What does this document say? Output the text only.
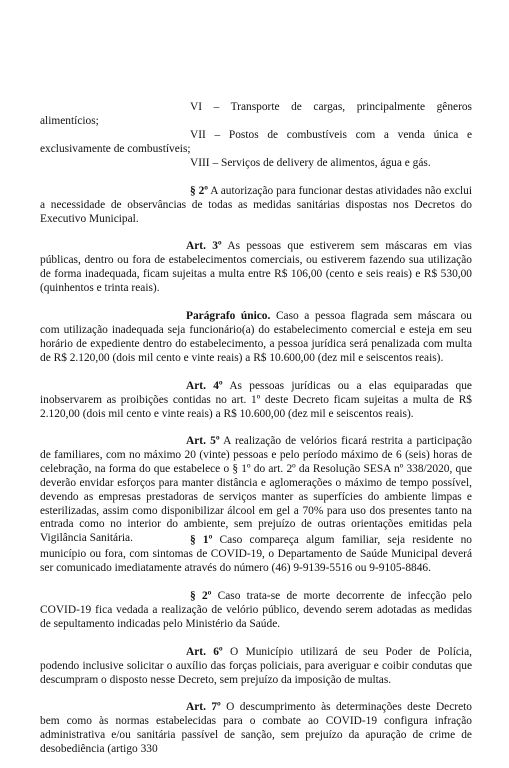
VI – Transporte de cargas, principalmente gêneros

alimentícios;

VII – Postos de combustíveis com a venda única e

exclusivamente de combustíveis;

VIII – Serviços de delivery de alimentos, água e gás.

§ 2º A autorização para funcionar destas atividades não exclui a necessidade de observâncias de todas as medidas sanitárias dispostas nos Decretos do Executivo Municipal.

Art. 3º As pessoas que estiverem sem máscaras em vias públicas, dentro ou fora de estabelecimentos comerciais, ou estiverem fazendo sua utilização de forma inadequada, ficam sujeitas a multa entre R$ 106,00 (cento e seis reais) e R$ 530,00 (quinhentos e trinta reais).

Parágrafo único. Caso a pessoa flagrada sem máscara ou com utilização inadequada seja funcionário(a) do estabelecimento comercial e esteja em seu horário de expediente dentro do estabelecimento, a pessoa jurídica será penalizada com multa de R$ 2.120,00 (dois mil cento e vinte reais) a R$ 10.600,00 (dez mil e seiscentos reais).

Art. 4º As pessoas jurídicas ou a elas equiparadas que inobservarem as proibições contidas no art. 1º deste Decreto ficam sujeitas a multa de R$ 2.120,00 (dois mil cento e vinte reais) a R$ 10.600,00 (dez mil e seiscentos reais).

Art. 5º A realização de velórios ficará restrita a participação de familiares, com no máximo 20 (vinte) pessoas e pelo período máximo de 6 (seis) horas de celebração, na forma do que estabelece o § 1º do art. 2º da Resolução SESA nº 338/2020, que deverão envidar esforços para manter distância e aglomerações o máximo de tempo possível, devendo as empresas prestadoras de serviços manter as superfícies do ambiente limpas e esterilizadas, assim como disponibilizar álcool em gel a 70% para uso dos presentes tanto na entrada como no interior do ambiente, sem prejuízo de outras orientações emitidas pela Vigilância Sanitária.	§ 1º Caso compareça algum familiar, seja residente no município ou fora, com sintomas de COVID-19, o Departamento de Saúde Municipal deverá ser comunicado imediatamente através do número (46) 9-9139-5516 ou 9-9105-8846.

§ 2º Caso trata-se de morte decorrente de infecção pelo COVID-19 fica vedada a realização de velório público, devendo serem adotadas as medidas de sepultamento indicadas pelo Ministério da Saúde.

Art. 6º O Município utilizará de seu Poder de Polícia, podendo inclusive solicitar o auxílio das forças policiais, para averiguar e coibir condutas que descumpram o disposto nesse Decreto, sem prejuízo da imposição de multas.

Art. 7º O descumprimento às determinações deste Decreto bem como às normas estabelecidas para o combate ao COVID-19 configura infração administrativa e/ou sanitária passível de sanção, sem prejuízo da apuração de crime de desobediência (artigo 330
